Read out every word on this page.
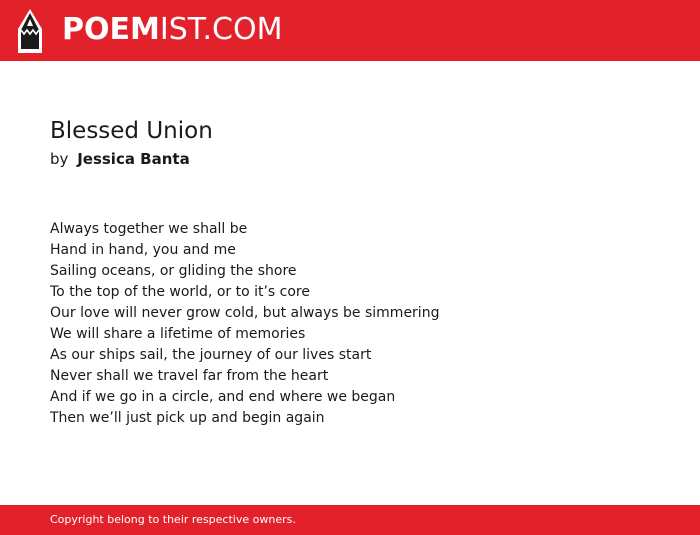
POEMIST.COM
Blessed Union
by Jessica Banta
Always together we shall be
Hand in hand, you and me
Sailing oceans, or gliding the shore
To the top of the world, or to it’s core
Our love will never grow cold, but always be simmering
We will share a lifetime of memories
As our ships sail, the journey of our lives start
Never shall we travel far from the heart
And if we go in a circle, and end where we began
Then we’ll just pick up and begin again
Copyright belong to their respective owners.
